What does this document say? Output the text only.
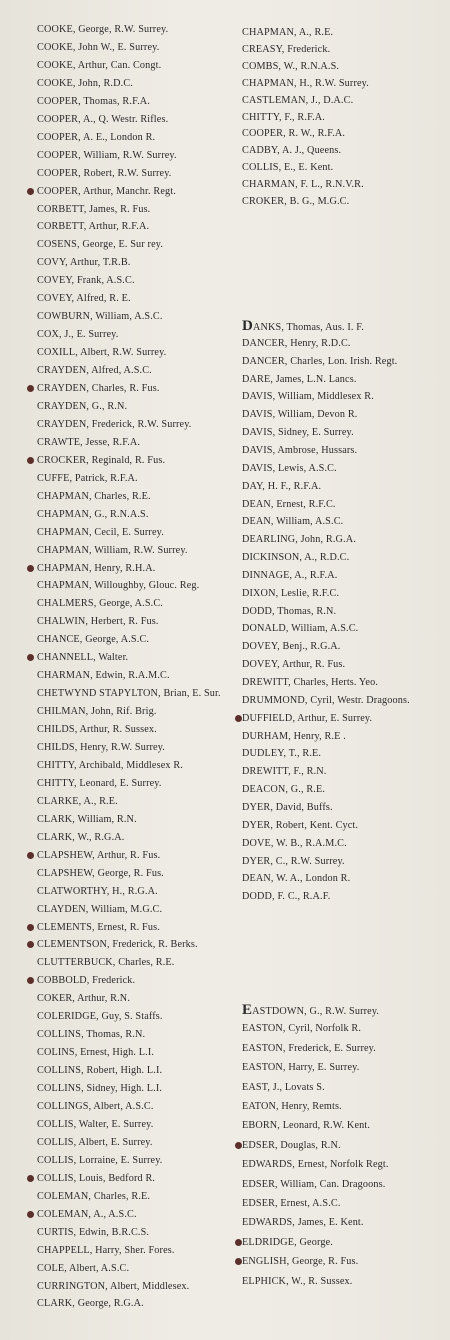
COOKE, George, R.W. Surrey.
COOKE, John W., E. Surrey.
COOKE, Arthur, Can. Congt.
COOKE, John, R.D.C.
COOPER, Thomas, R.F.A.
COOPER, A., Q. Westr. Rifles.
COOPER, A. E., London R.
COOPER, William, R.W. Surrey.
COOPER, Robert, R.W. Surrey.
COOPER, Arthur, Manchr. Regt.
CORBETT, James, R. Fus.
CORBETT, Arthur, R.F.A.
COSENS, George, E. Sur rey.
COVY, Arthur, T.R.B.
COVEY, Frank, A.S.C.
COVEY, Alfred, R. E.
COWBURN, William, A.S.C.
COX, J., E. Surrey.
COXILL, Albert, R.W. Surrey.
CRAYDEN, Alfred, A.S.C.
CRAYDEN, Charles, R. Fus.
CRAYDEN, G., R.N.
CRAYDEN, Frederick, R.W. Surrey.
CRAWTE, Jesse, R.F.A.
CROCKER, Reginald, R. Fus.
CUFFE, Patrick, R.F.A.
CHAPMAN, Charles, R.E.
CHAPMAN, G., R.N.A.S.
CHAPMAN, Cecil, E. Surrey.
CHAPMAN, William, R.W. Surrey.
CHAPMAN, Henry, R.H.A.
CHAPMAN, Willoughby, Glouc. Reg.
CHALMERS, George, A.S.C.
CHALWIN, Herbert, R. Fus.
CHANCE, George, A.S.C.
CHANNELL, Walter.
CHARMAN, Edwin, R.A.M.C.
CHETWYND STAPYLTON, Brian, E. Sur.
CHILMAN, John, Rif. Brig.
CHILDS, Arthur, R. Sussex.
CHILDS, Henry, R.W. Surrey.
CHITTY, Archibald, Middlesex R.
CHITTY, Leonard, E. Surrey.
CLARKE, A., R.E.
CLARK, William, R.N.
CLARK, W., R.G.A.
CLAPSHEW, Arthur, R. Fus.
CLAPSHEW, George, R. Fus.
CLATWORTHY, H., R.G.A.
CLAYDEN, William, M.G.C.
CLEMENTS, Ernest, R. Fus.
CLEMENTSON, Frederick, R. Berks.
CLUTTERBUCK, Charles, R.E.
COBBOLD, Frederick.
COKER, Arthur, R.N.
COLERIDGE, Guy, S. Staffs.
COLLINS, Thomas, R.N.
COLINS, Ernest, High. L.I.
COLLINS, Robert, High. L.I.
COLLINS, Sidney, High. L.I.
COLLINGS, Albert, A.S.C.
COLLIS, Walter, E. Surrey.
COLLIS, Albert, E. Surrey.
COLLIS, Lorraine, E. Surrey.
COLLIS, Louis, Bedford R.
COLEMAN, Charles, R.E.
COLEMAN, A., A.S.C.
CURTIS, Edwin, B.R.C.S.
CHAPPELL, Harry, Sher. Fores.
COLE, Albert, A.S.C.
CURRINGTON, Albert, Middlesex.
CLARK, George, R.G.A.
CHAPMAN, A., R.E.
CREASY, Frederick.
COMBS, W., R.N.A.S.
CHAPMAN, H., R.W. Surrey.
CASTLEMAN, J., D.A.C.
CHITTY, F., R.F.A.
COOPER, R. W., R.F.A.
CADBY, A. J., Queens.
COLLIS, E., E. Kent.
CHARMAN, F. L., R.N.V.R.
CROKER, B. G., M.G.C.
DANKS, Thomas, Aus. I. F.
DANCER, Henry, R.D.C.
DANCER, Charles, Lon. Irish. Regt.
DARE, James, L.N. Lancs.
DAVIS, William, Middlesex R.
DAVIS, William, Devon R.
DAVIS, Sidney, E. Surrey.
DAVIS, Ambrose, Hussars.
DAVIS, Lewis, A.S.C.
DAY, H. F., R.F.A.
DEAN, Ernest, R.F.C.
DEAN, William, A.S.C.
DEARLING, John, R.G.A.
DICKINSON, A., R.D.C.
DINNAGE, A., R.F.A.
DIXON, Leslie, R.F.C.
DODD, Thomas, R.N.
DONALD, William, A.S.C.
DOVEY, Benj., R.G.A.
DOVEY, Arthur, R. Fus.
DREWITT, Charles, Herts. Yeo.
DRUMMOND, Cyril, Westr. Dragoons.
DUFFIELD, Arthur, E. Surrey.
DURHAM, Henry, R.E .
DUDLEY, T., R.E.
DREWITT, F., R.N.
DEACON, G., R.E.
DYER, David, Buffs.
DYER, Robert, Kent. Cyct.
DOVE, W. B., R.A.M.C.
DYER, C., R.W. Surrey.
DEAN, W. A., London R.
DODD, F. C., R.A.F.
EASTDOWN, G., R.W. Surrey.
EASTON, Cyril, Norfolk R.
EASTON, Frederick, E. Surrey.
EASTON, Harry, E. Surrey.
EAST, J., Lovats S.
EATON, Henry, Remts.
EBORN, Leonard, R.W. Kent.
EDSER, Douglas, R.N.
EDWARDS, Ernest, Norfolk Regt.
EDSER, William, Can. Dragoons.
EDSER, Ernest, A.S.C.
EDWARDS, James, E. Kent.
ELDRIDGE, George.
ENGLISH, George, R. Fus.
ELPHICK, W., R. Sussex.
